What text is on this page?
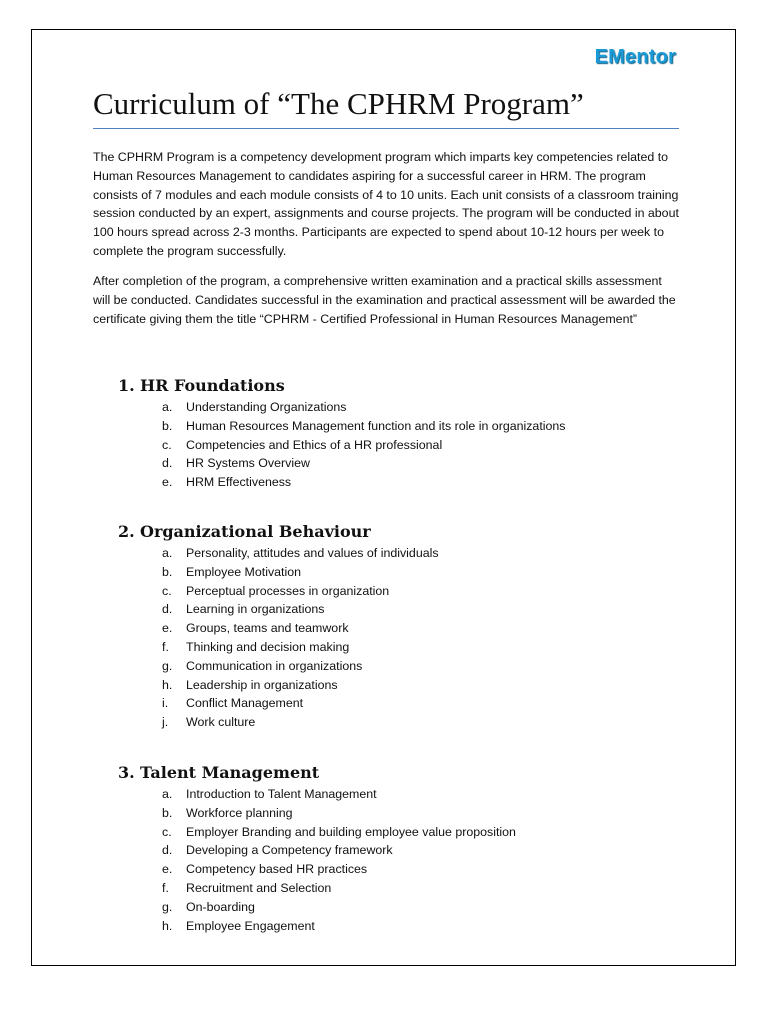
EMentor
Curriculum of “The CPHRM Program”

The CPHRM Program is a competency development program which imparts key competencies related to Human Resources Management to candidates aspiring for a successful career in HRM. The program consists of 7 modules and each module consists of 4 to 10 units. Each unit consists of a classroom training session conducted by an expert, assignments and course projects. The program will be conducted in about 100 hours spread across 2-3 months. Participants are expected to spend about 10-12 hours per week to complete the program successfully.

After completion of the program, a comprehensive written examination and a practical skills assessment will be conducted. Candidates successful in the examination and practical assessment will be awarded the certificate giving them the title “CPHRM - Certified Professional in Human Resources Management”

1. HR Foundations
a. Understanding Organizations
b. Human Resources Management function and its role in organizations
c. Competencies and Ethics of a HR professional
d. HR Systems Overview
e. HRM Effectiveness
2. Organizational Behaviour
a. Personality, attitudes and values of individuals
b. Employee Motivation
c. Perceptual processes in organization
d. Learning in organizations
e. Groups, teams and teamwork
f. Thinking and decision making
g. Communication in organizations
h. Leadership in organizations
i. Conflict Management
j. Work culture
3. Talent Management
a. Introduction to Talent Management
b. Workforce planning
c. Employer Branding and building employee value proposition
d. Developing a Competency framework
e. Competency based HR practices
f. Recruitment and Selection
g. On-boarding
h. Employee Engagement
